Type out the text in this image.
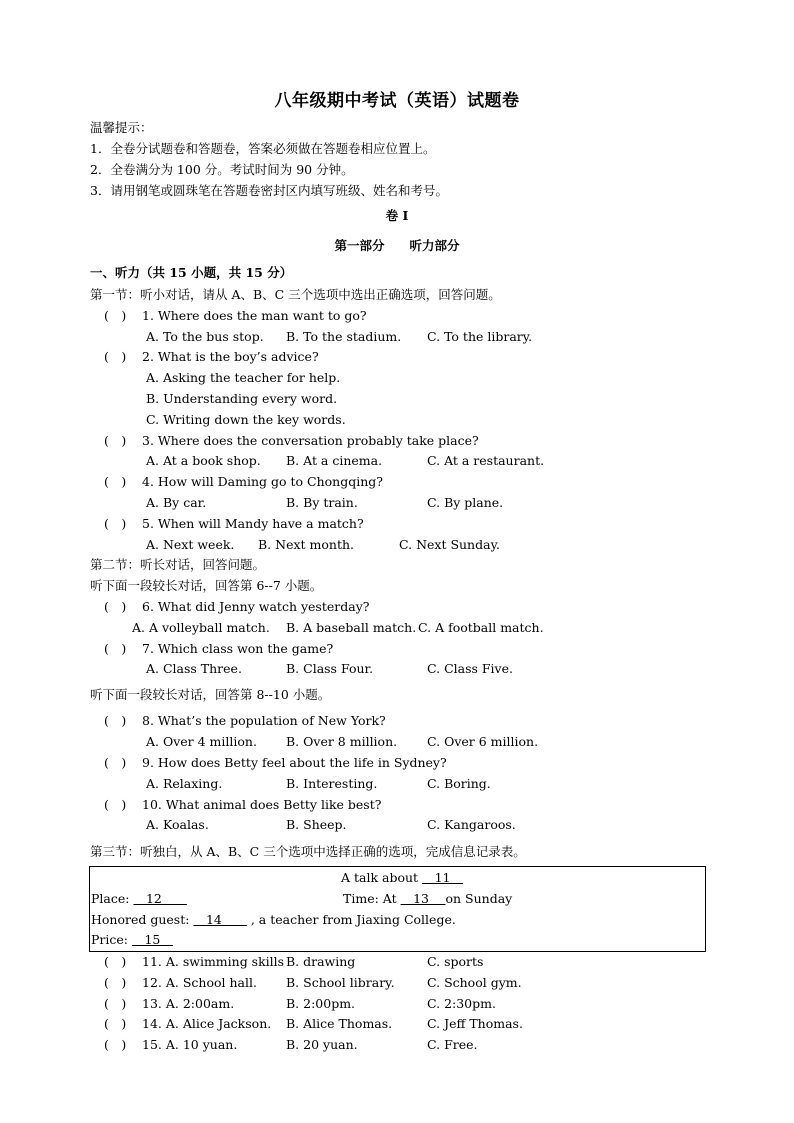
八年级期中考试（英语）试题卷
温馨提示：
1．全卷分试题卷和答题卷，答案必须做在答题卷相应位置上。
2．全卷满分为 100 分。考试时间为 90 分钟。
3．请用钢笔或圆珠笔在答题卷密封区内填写班级、姓名和考号。
卷 I
第一部分　　听力部分
一、听力（共 15 小题，共 15 分）
第一节：听小对话，请从 A、B、C 三个选项中选出正确选项，回答问题。
(　) 1. Where does the man want to go?
A. To the bus stop. B. To the stadium. C. To the library.
(　) 2. What is the boy’s advice?
A. Asking the teacher for help.
B. Understanding every word.
C. Writing down the key words.
(　) 3. Where does the conversation probably take place?
A. At a book shop. B. At a cinema.	C. At a restaurant.
(　) 4. How will Daming go to Chongqing?
A. By car.	B. By train.	C. By plane.
(　) 5. When will Mandy have a match?
A. Next week. B. Next month.	C. Next Sunday.
第二节：听长对话，回答问题。
听下面一段较长对话，回答第 6--7 小题。
(　) 6. What did Jenny watch yesterday?
A. A volleyball match. B. A baseball match. C. A football match.
(　) 7. Which class won the game?
A. Class Three.	B. Class Four.	C. Class Five.
听下面一段较长对话，回答第 8--10 小题。
(　) 8. What’s the population of New York?
A. Over 4 million. B. Over 8 million. C. Over 6 million.
(　) 9. How does Betty feel about the life in Sydney?
A. Relaxing.	B. Interesting.	C. Boring.
(　) 10. What animal does Betty like best?
A. Koalas.	B. Sheep.	C. Kangaroos.
第三节：听独白，从 A、B、C 三个选项中选择正确的选项，完成信息记录表。
A talk about 　11　
Place: 　12　　	Time: At 　13　 on Sunday
Honored guest: 　14　　 , a teacher from Jiaxing College.
Price: 　15　
(　) 11. A. swimming skills B. drawing	C. sports
(　) 12. A. School hall. B. School library.	C. School gym.
(　) 13. A. 2:00am.	B. 2:00pm.	C. 2:30pm.
(　) 14. A. Alice Jackson. B. Alice Thomas.	C. Jeff Thomas.
(　) 15. A. 10 yuan.	B. 20 yuan.	C. Free.
